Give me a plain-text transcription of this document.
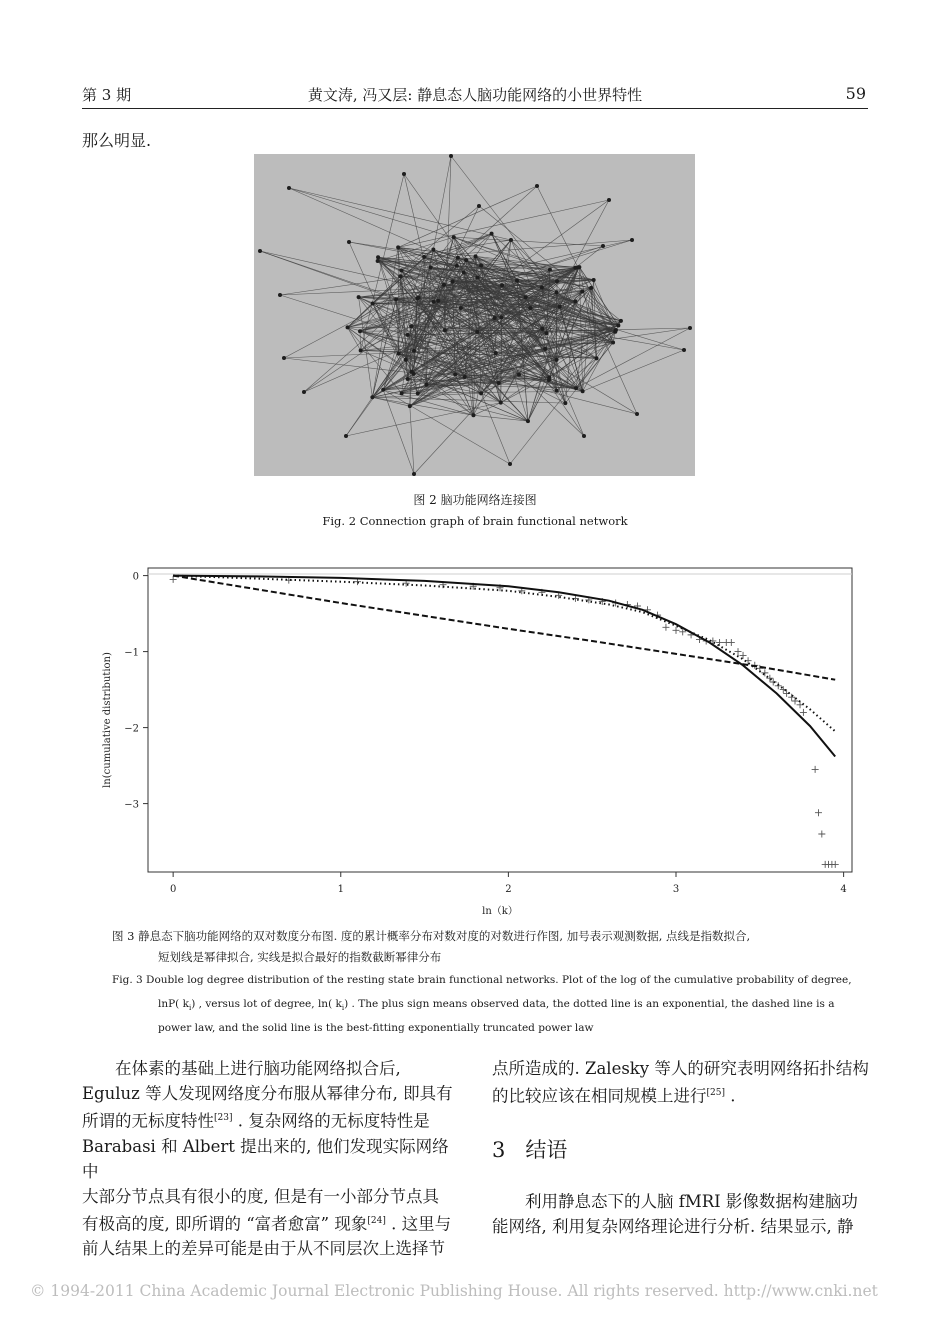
第 3 期	黄文涛, 冯又层: 静息态人脑功能网络的小世界特性	59
那么明显.
图 2 脑功能网络连接图
Fig. 2 Connection graph of brain functional network
0	1	2	3	4
0
−1
−2
−3
ln（k）
ln(cumulative distribution)
图 3 静息态下脑功能网络的双对数度分布图. 度的累计概率分布对数对度的对数进行作图, 加号表示观测数据, 点线是指数拟合,
短划线是幂律拟合, 实线是拟合最好的指数截断幂律分布
Fig. 3 Double log degree distribution of the resting state brain functional networks. Plot of the log of the cumulative probability of degree,
lnP( $k_i$) , versus lot of degree, ln( $k_i$) . The plus sign means observed data, the dotted line is an exponential, the dashed line is a
power law, and the solid line is the best-fitting exponentially truncated power law

在体素的基础上进行脑功能网络拟合后,

Eguluz 等人发现网络度分布服从幂律分布, 即具有

所谓的无标度特性[23] . 复杂网络的无标度特性是

Barabasi 和 Albert 提出来的, 他们发现实际网络中

大部分节点具有很小的度, 但是有一小部分节点具

有极高的度, 即所谓的 “富者愈富” 现象[24] . 这里与

前人结果上的差异可能是由于从不同层次上选择节

点所造成的. Zalesky 等人的研究表明网络拓扑结构

的比较应该在相同规模上进行[25] .

3 结语

利用静息态下的人脑 fMRI 影像数据构建脑功

能网络, 利用复杂网络理论进行分析. 结果显示, 静

© 1994-2011 China Academic Journal Electronic Publishing House. All rights reserved. http://www.cnki.net
